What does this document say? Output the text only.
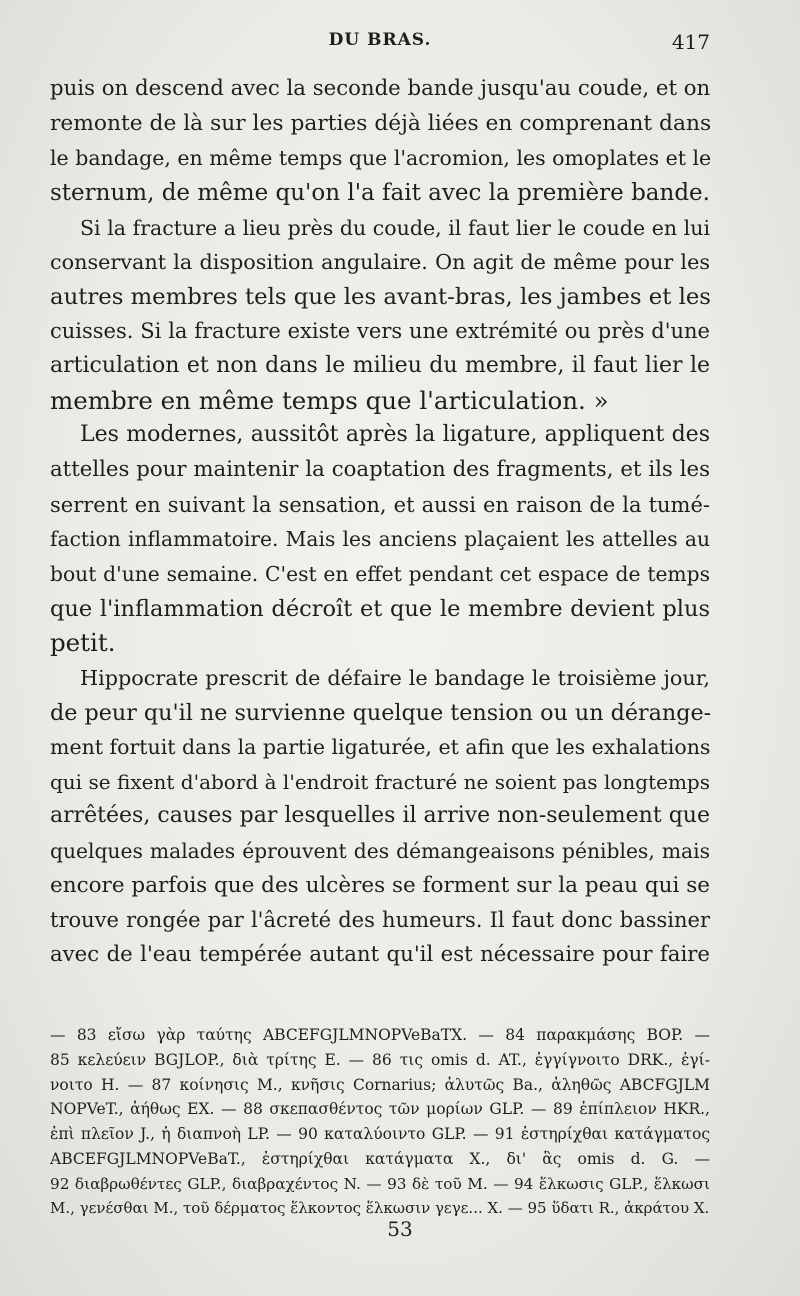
DU BRAS.	417
puis on descend avec la seconde bande jusqu'au coude, et on
remonte de là sur les parties déjà liées en comprenant dans
le bandage, en même temps que l'acromion, les omoplates et le
sternum, de même qu'on l'a fait avec la première bande.
Si la fracture a lieu près du coude, il faut lier le coude en lui
conservant la disposition angulaire. On agit de même pour les
autres membres tels que les avant-bras, les jambes et les
cuisses. Si la fracture existe vers une extrémité ou près d'une
articulation et non dans le milieu du membre, il faut lier le
membre en même temps que l'articulation. »
Les modernes, aussitôt après la ligature, appliquent des
attelles pour maintenir la coaptation des fragments, et ils les
serrent en suivant la sensation, et aussi en raison de la tumé-
faction inflammatoire. Mais les anciens plaçaient les attelles au
bout d'une semaine. C'est en effet pendant cet espace de temps
que l'inflammation décroît et que le membre devient plus
petit.
Hippocrate prescrit de défaire le bandage le troisième jour,
de peur qu'il ne survienne quelque tension ou un dérange-
ment fortuit dans la partie ligaturée, et afin que les exhalations
qui se fixent d'abord à l'endroit fracturé ne soient pas longtemps
arrêtées, causes par lesquelles il arrive non-seulement que
quelques malades éprouvent des démangeaisons pénibles, mais
encore parfois que des ulcères se forment sur la peau qui se
trouve rongée par l'âcreté des humeurs. Il faut donc bassiner
avec de l'eau tempérée autant qu'il est nécessaire pour faire
— 83 εἴσω γὰρ ταύτης ABCEFGJLMNOPVeBaTX. — 84 παρακμάσης BOP. —
85 κελεύειν BGJLOP., διὰ τρίτης E. — 86 τις omis d. AT., ἐγγίγνοιτο DRK., ἐγί-
νοιτο H. — 87 κοίνησις M., κνῆσις Cornarius; ἀλυτῶς Ba., ἀληθῶς ABCFGJLM
NOPVeT., ἀήθως EX. — 88 σκεπασθέντος τῶν μορίων GLP. — 89 ἐπίπλειον HKR.,
ἐπὶ πλεῖον J., ἡ διαπνοὴ LP. — 90 καταλύοιντο GLP. — 91 ἐστηρίχθαι κατάγματος
ABCEFGJLMNOPVeBaT., ἐστηρίχθαι κατάγματα X., δι' ἃς omis d. G. —
92 διαβρωθέντες GLP., διαβραχέντος N. — 93 δὲ τοῦ M. — 94 ἕλκωσις GLP., ἕλκωσι
M., γενέσθαι M., τοῦ δέρματος ἕλκοντος ἕλκωσιν γεγε... X. — 95 ὕδατι R., ἀκράτου X.
53
